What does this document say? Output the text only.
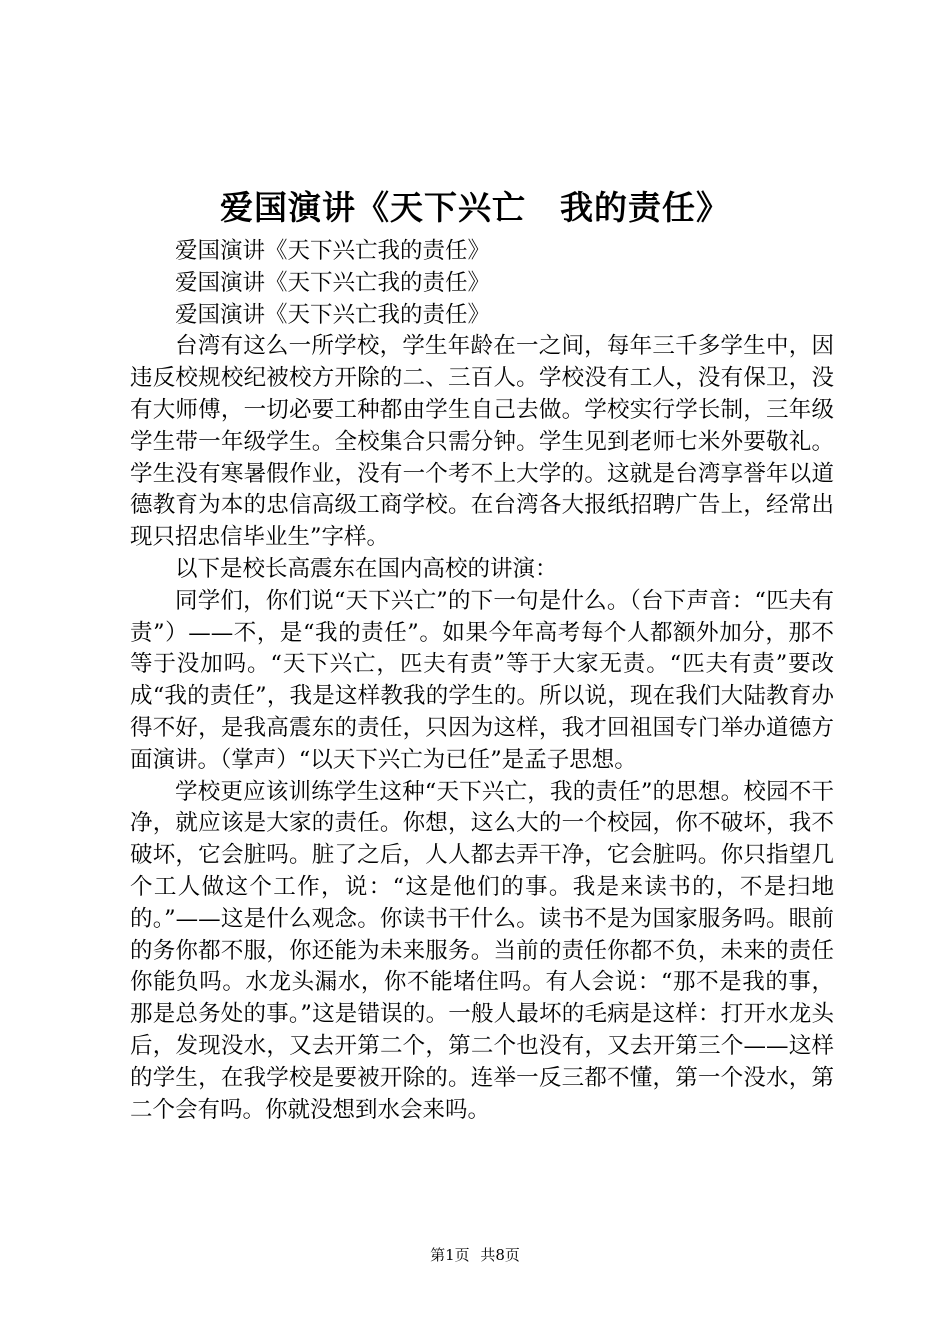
爱国演讲《天下兴亡　我的责任》

爱国演讲《天下兴亡我的责任》

爱国演讲《天下兴亡我的责任》

爱国演讲《天下兴亡我的责任》

台湾有这么一所学校，学生年龄在一之间，每年三千多学生中，因违反校规校纪被校方开除的二、三百人。学校没有工人，没有保卫，没有大师傅，一切必要工种都由学生自己去做。学校实行学长制，三年级学生带一年级学生。全校集合只需分钟。学生见到老师七米外要敬礼。学生没有寒暑假作业，没有一个考不上大学的。这就是台湾享誉年以道德教育为本的忠信高级工商学校。在台湾各大报纸招聘广告上，经常出现只招忠信毕业生”字样。

以下是校长高震东在国内高校的讲演：

同学们，你们说“天下兴亡”的下一句是什么。（台下声音：“匹夫有责”）——不，是“我的责任”。如果今年高考每个人都额外加分，那不等于没加吗。“天下兴亡，匹夫有责”等于大家无责。“匹夫有责”要改成“我的责任”，我是这样教我的学生的。所以说，现在我们大陆教育办得不好，是我高震东的责任，只因为这样，我才回祖国专门举办道德方面演讲。（掌声）“以天下兴亡为已任”是孟子思想。

学校更应该训练学生这种“天下兴亡，我的责任”的思想。校园不干净，就应该是大家的责任。你想，这么大的一个校园，你不破坏，我不破坏，它会脏吗。脏了之后，人人都去弄干净，它会脏吗。你只指望几个工人做这个工作，说：“这是他们的事。我是来读书的，不是扫地的。”——这是什么观念。你读书干什么。读书不是为国家服务吗。眼前的务你都不服，你还能为未来服务。当前的责任你都不负，未来的责任你能负吗。水龙头漏水，你不能堵住吗。有人会说：“那不是我的事，那是总务处的事。”这是错误的。一般人最坏的毛病是这样：打开水龙头后，发现没水，又去开第二个，第二个也没有，又去开第三个——这样的学生，在我学校是要被开除的。连举一反三都不懂，第一个没水，第二个会有吗。你就没想到水会来吗。

第1页 共8页
